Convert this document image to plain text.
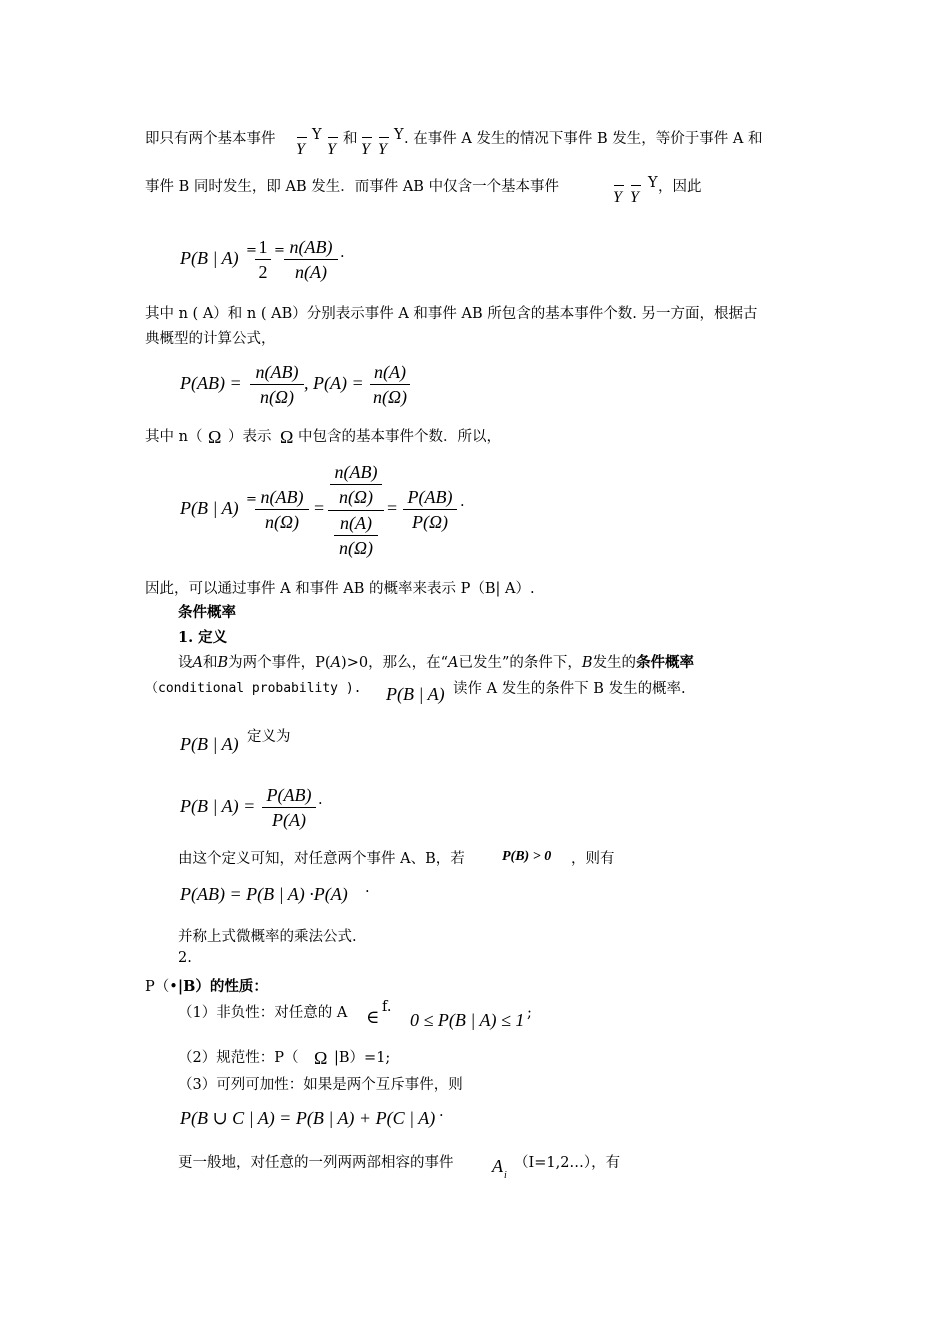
即只有两个基本事件
Y
Y
Y
和
Y Y
Y . 在事件 A 发生的情况下事件 B 发生，等价于事件 A 和
事件 B 同时发生，即 AB 发生．而事件 AB 中仅含一个基本事件
Y Y
Y ，因此
P(B | A) = 1
2
= n(AB)
n(A)
.
其中 n ( A）和 n ( AB）分别表示事件 A 和事件 AB 所包含的基本事件个数. 另一方面，根据古
典概型的计算公式，
P(AB) =
n(AB)
n(Ω)
, P(A) =
n(A)
n(Ω)
其中 n（ Ω ）表示 Ω 中包含的基本事件个数．所以，
P(B | A) = n(AB)
n(Ω)
=
n(AB)
n(Ω)
n(A)
n(Ω)
=
P(AB)
P(Ω)
.
因此，可以通过事件 A 和事件 AB 的概率来表示 P（B| A）.
条件概率
1. 定义
设A和B为两个事件，P(A)>0，那么，在“A已发生”的条件下，B发生的条件概率
（conditional probability ). P(B | A) 读作 A 发生的条件下 B 发生的概率.
P(B | A) 定义为
P(B | A) =
P(AB)
P(A)
.
由这个定义可知，对任意两个事件 A、B，若	P(B) > 0 ，则有
P(AB) = P(B | A) ·P(A) .
并称上式微概率的乘法公式.
2.
P（•|B）的性质：
（1）非负性：对任意的 A ∈ f.
0 ≤ P(B | A) ≤ 1 ;
（2）规范性：P（ Ω |B）=1;
（3）可列可加性：如果是两个互斥事件，则
P(B ∪ C | A) = P(B | A) + P(C | A) .
更一般地，对任意的一列两两部相容的事件 A i
（I=1,2…），有
